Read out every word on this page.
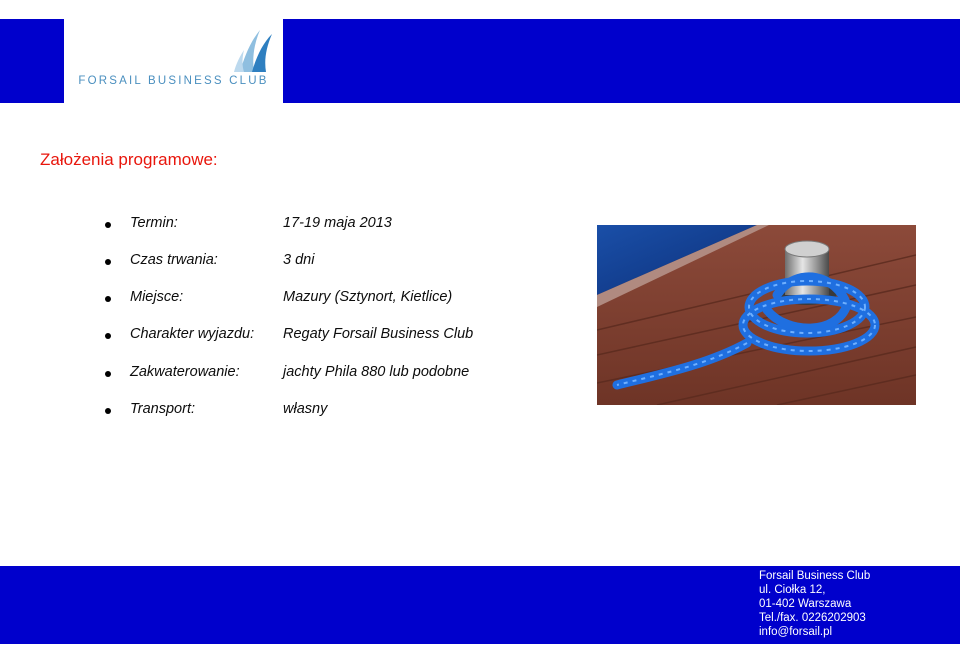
FORSAIL BUSINESS CLUB
Założenia programowe:
Termin:	17-19 maja 2013
Czas trwania:	3 dni
Miejsce:	Mazury (Sztynort, Kietlice)
Charakter wyjazdu: Regaty Forsail Business Club
Zakwaterowanie:	jachty Phila 880 lub podobne
Transport:	własny
Forsail Business Club
ul. Ciołka 12,
01-402 Warszawa
Tel./fax. 0226202903
info@forsail.pl
